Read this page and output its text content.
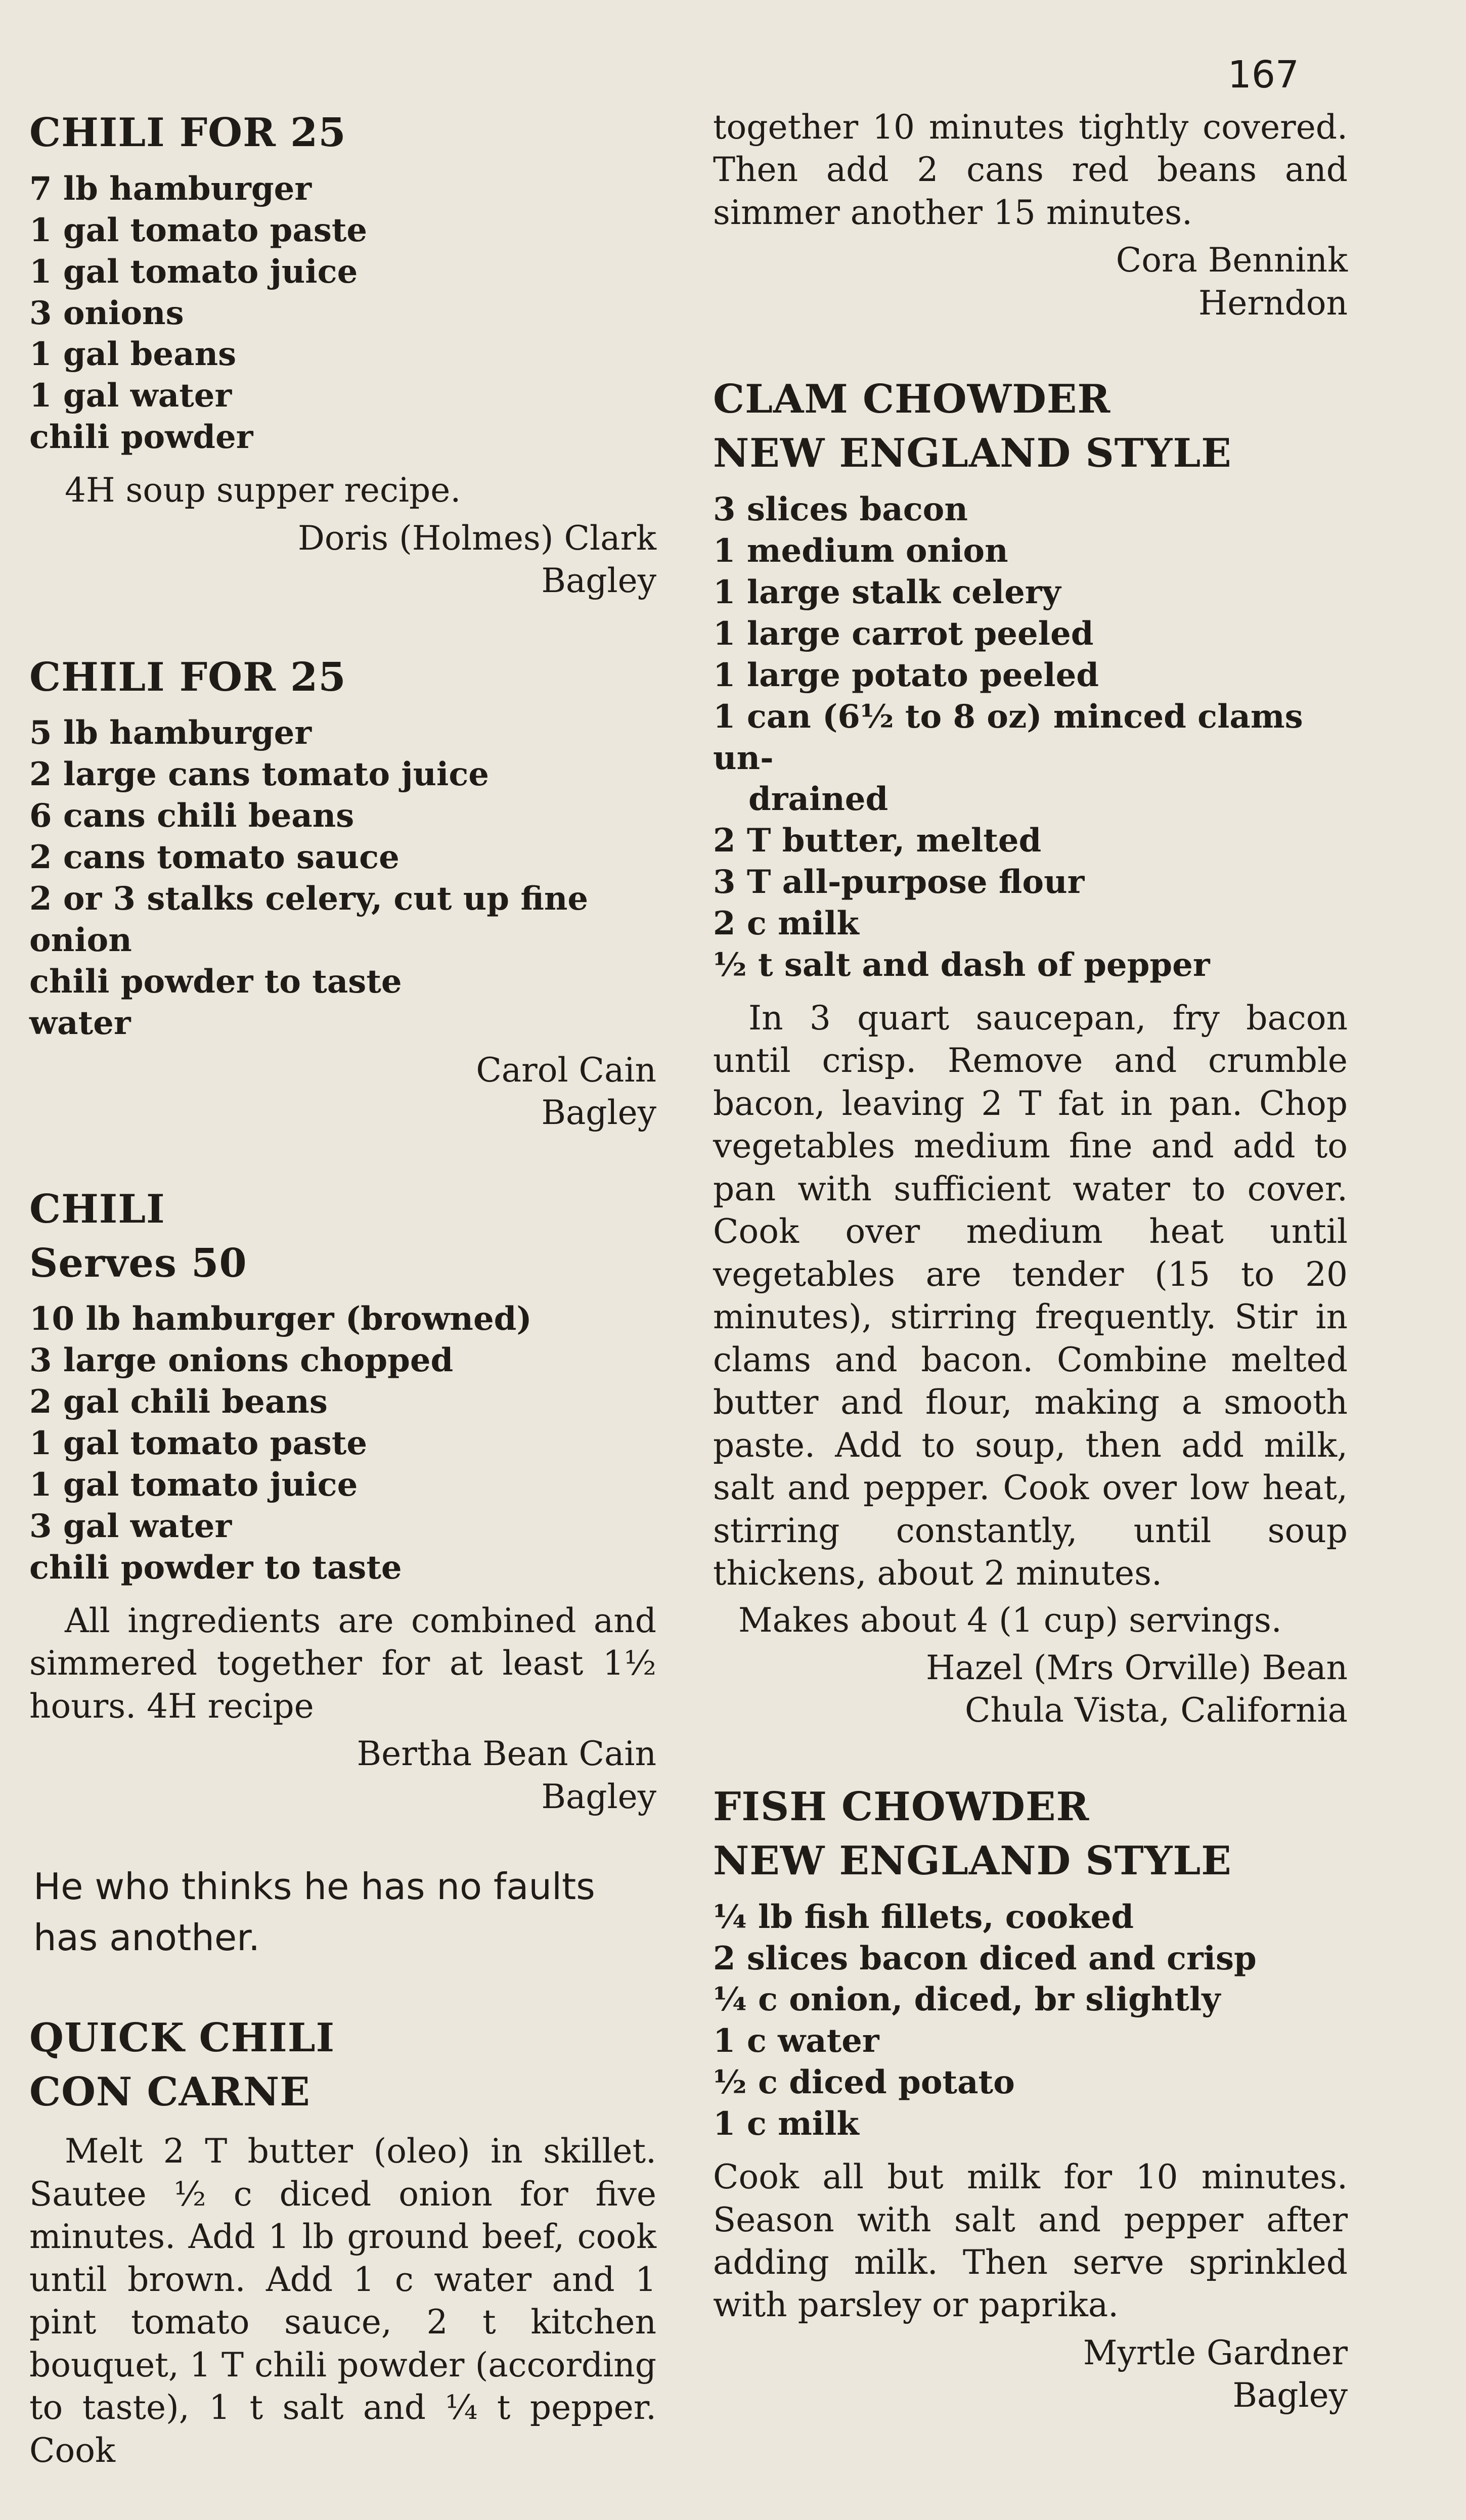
167
CHILI FOR 25
7 lb hamburger
1 gal tomato paste
1 gal tomato juice
3 onions
1 gal beans
1 gal water
chili powder
4H soup supper recipe.
Doris (Holmes) Clark
Bagley
CHILI FOR 25
5 lb hamburger
2 large cans tomato juice
6 cans chili beans
2 cans tomato sauce
2 or 3 stalks celery, cut up fine
onion
chili powder to taste
water
Carol Cain
Bagley
CHILI
Serves 50
10 lb hamburger (browned)
3 large onions chopped
2 gal chili beans
1 gal tomato paste
1 gal tomato juice
3 gal water
chili powder to taste
All ingredients are combined and simmered together for at least 1½ hours. 4H recipe
Bertha Bean Cain
Bagley
He who thinks he has no faults has another.
QUICK CHILI
CON CARNE
Melt 2 T butter (oleo) in skillet. Sautee ½ c diced onion for five minutes. Add 1 lb ground beef, cook until brown. Add 1 c water and 1 pint tomato sauce, 2 t kitchen bouquet, 1 T chili powder (according to taste), 1 t salt and ¼ t pepper. Cook
together 10 minutes tightly covered. Then add 2 cans red beans and simmer another 15 minutes.
Cora Bennink
Herndon
CLAM CHOWDER
NEW ENGLAND STYLE
3 slices bacon
1 medium onion
1 large stalk celery
1 large carrot peeled
1 large potato peeled
1 can (6½ to 8 oz) minced clams un-
drained
2 T butter, melted
3 T all-purpose flour
2 c milk
½ t salt and dash of pepper
In 3 quart saucepan, fry bacon until crisp. Remove and crumble bacon, leaving 2 T fat in pan. Chop vegetables medium fine and add to pan with sufficient water to cover. Cook over medium heat until vegetables are tender (15 to 20 minutes), stirring frequently. Stir in clams and bacon. Combine melted butter and flour, making a smooth paste. Add to soup, then add milk, salt and pepper. Cook over low heat, stirring constantly, until soup thickens, about 2 minutes.
Makes about 4 (1 cup) servings.
Hazel (Mrs Orville) Bean
Chula Vista, California
FISH CHOWDER
NEW ENGLAND STYLE
¼ lb fish fillets, cooked
2 slices bacon diced and crisp
¼ c onion, diced, br slightly
1 c water
½ c diced potato
1 c milk
Cook all but milk for 10 minutes. Season with salt and pepper after adding milk. Then serve sprinkled with parsley or paprika.
Myrtle Gardner
Bagley
